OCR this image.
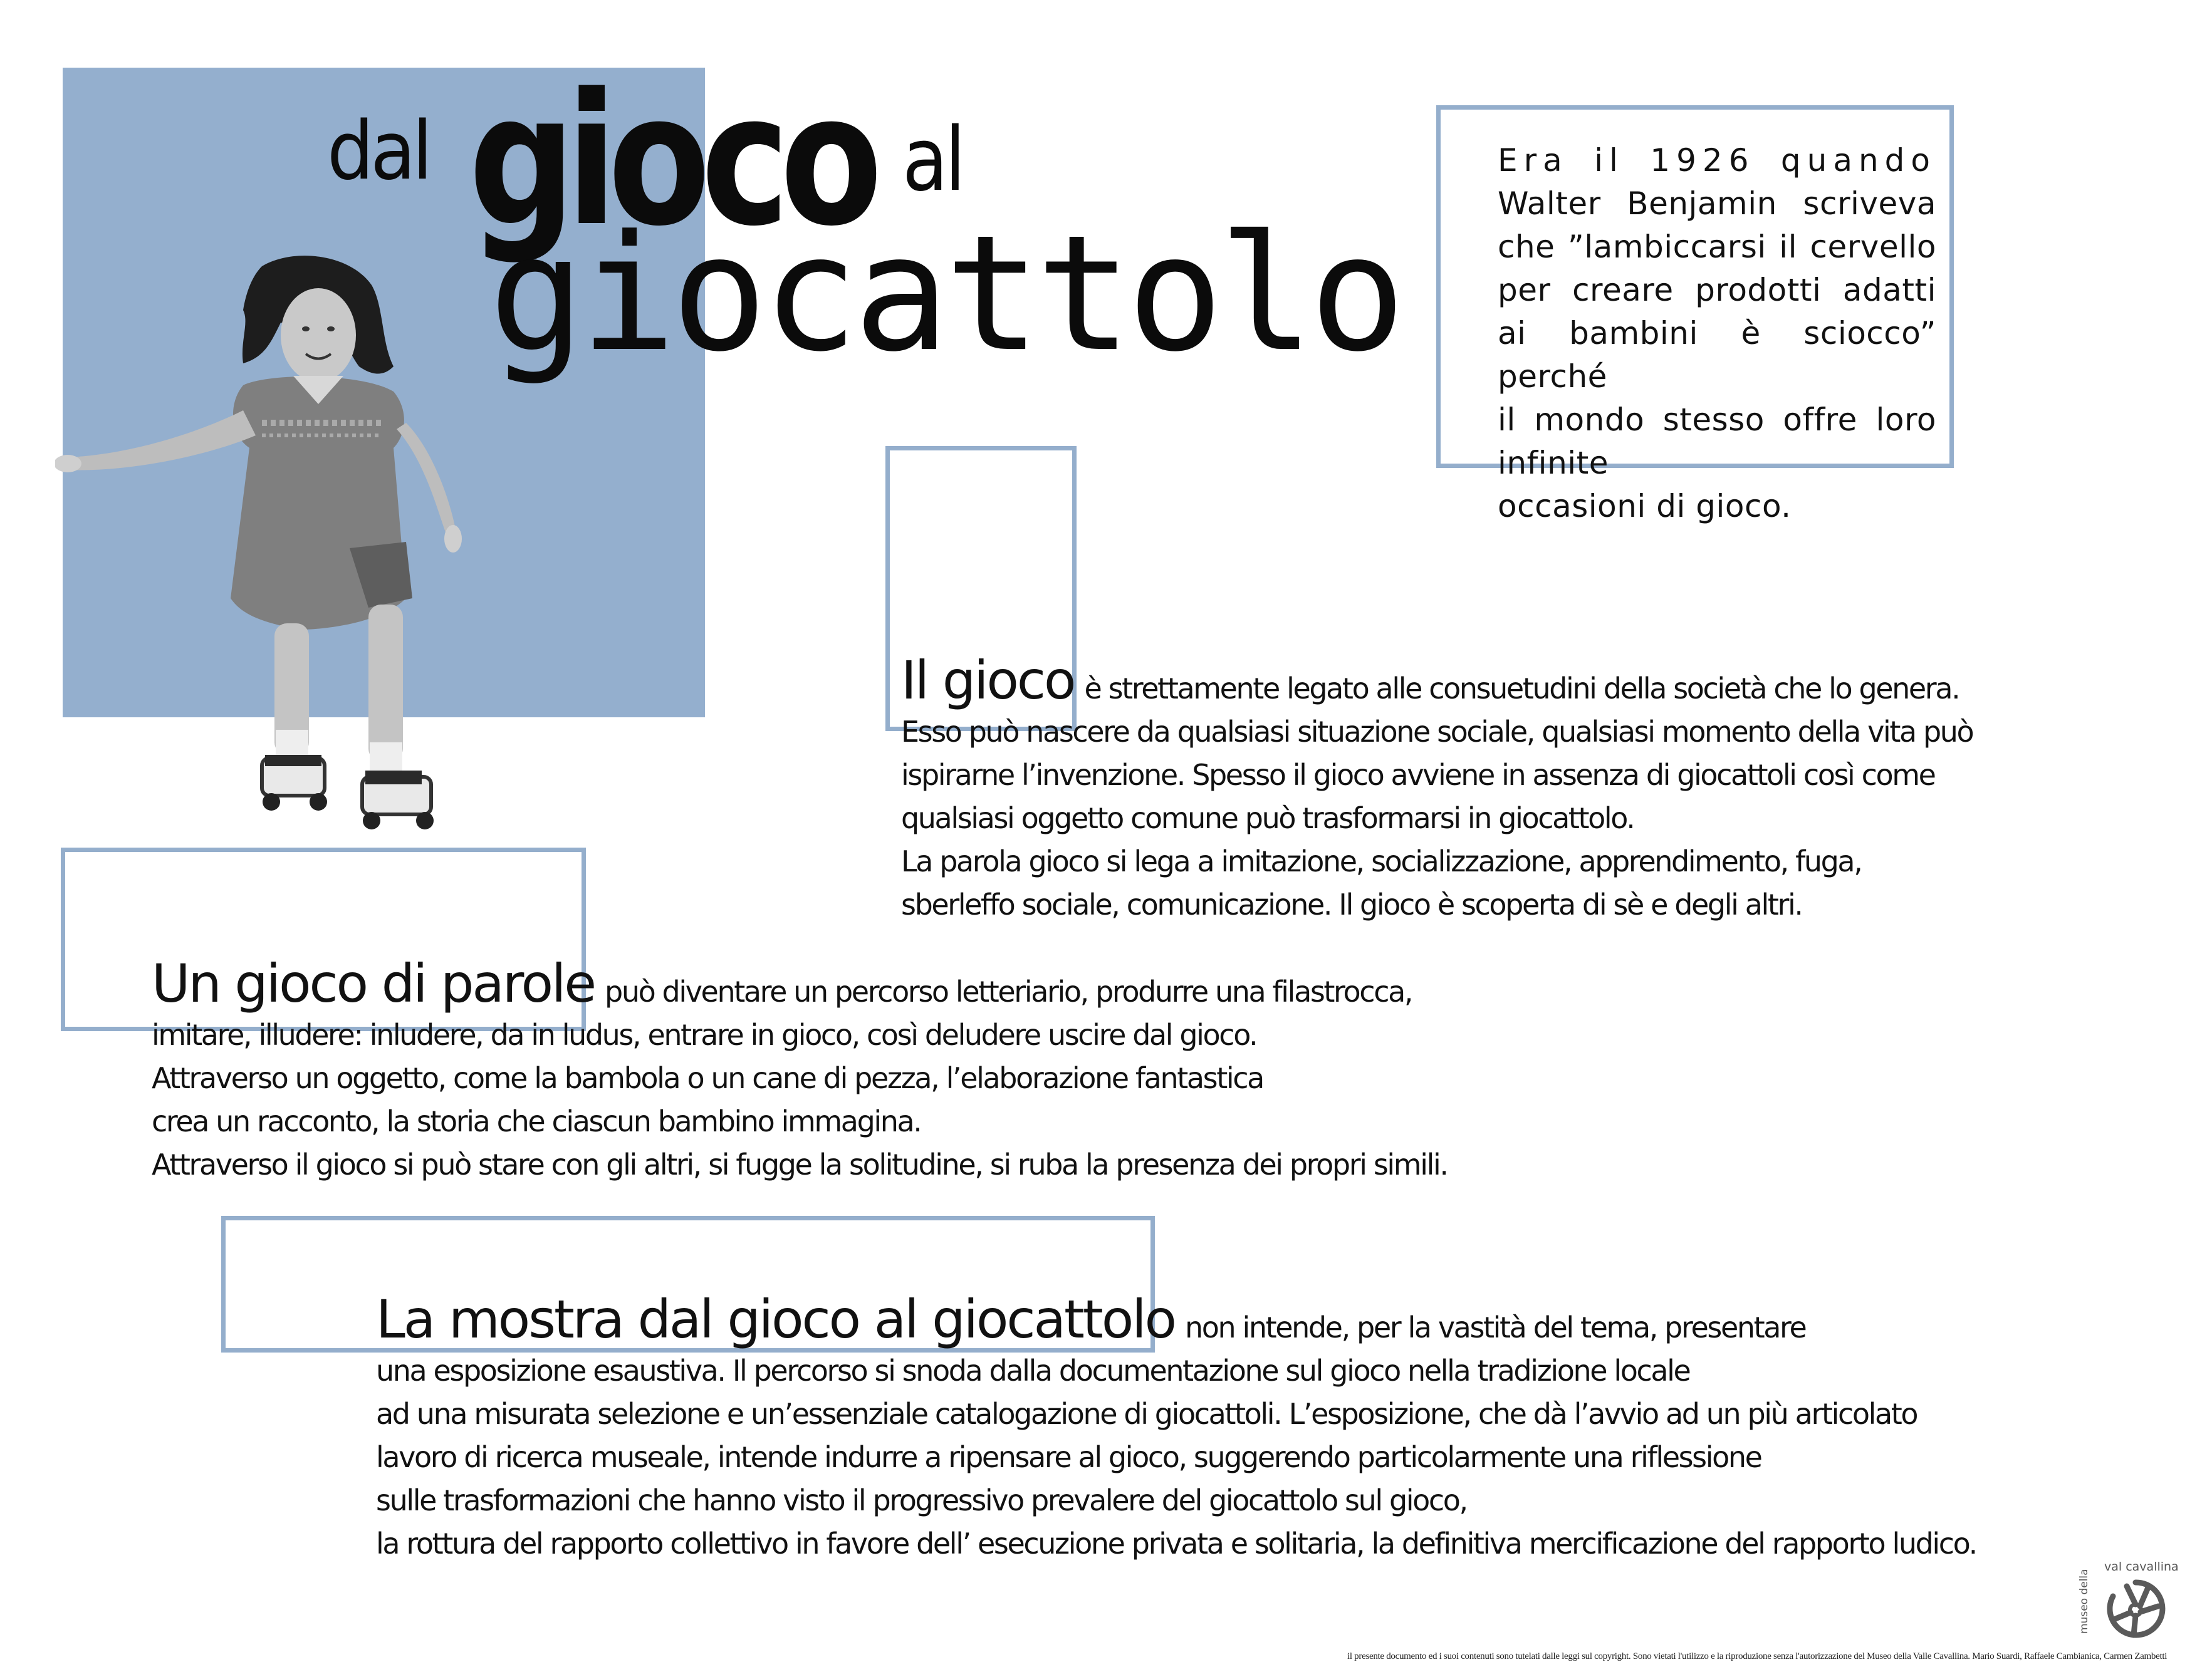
dal gioco al
giocattolo
Era il 1926 quando
Walter Benjamin scriveva
che ”lambiccarsi il cervello
per creare prodotti adatti
ai bambini è sciocco” perché
il mondo stesso offre loro infinite
occasioni di gioco.
Il gioco è strettamente legato alle consuetudini della società che lo genera.
Esso può nascere da qualsiasi situazione sociale, qualsiasi momento della vita può
ispirarne l’invenzione. Spesso il gioco avviene in assenza di giocattoli così come
qualsiasi oggetto comune può trasformarsi in giocattolo.
La parola gioco si lega a imitazione, socializzazione, apprendimento, fuga,
sberleffo sociale, comunicazione. Il gioco è scoperta di sè e degli altri.
Un gioco di parole può diventare un percorso letteriario, produrre una filastrocca,
imitare, illudere: inludere, da in ludus, entrare in gioco, così deludere uscire dal gioco.
Attraverso un oggetto, come la bambola o un cane di pezza, l’elaborazione fantastica
crea un racconto, la storia che ciascun bambino immagina.
Attraverso il gioco si può stare con gli altri, si fugge la solitudine, si ruba la presenza dei propri simili.
La mostra dal gioco al giocattolo non intende, per la vastità del tema, presentare
una esposizione esaustiva. Il percorso si snoda dalla documentazione sul gioco nella tradizione locale
ad una misurata selezione e un’essenziale catalogazione di giocattoli. L’esposizione, che dà l’avvio ad un più articolato
lavoro di ricerca museale, intende indurre a ripensare al gioco, suggerendo particolarmente una riflessione
sulle trasformazioni che hanno visto il progressivo prevalere del giocattolo sul gioco,
la rottura del rapporto collettivo in favore dell’ esecuzione privata e solitaria, la definitiva mercificazione del rapporto ludico.
val cavallina
museo della
il presente documento ed i suoi contenuti sono tutelati dalle leggi sul copyright. Sono vietati l'utilizzo e la riproduzione senza l'autorizzazione del Museo della Valle Cavallina. Mario Suardi, Raffaele Cambianica, Carmen Zambetti
